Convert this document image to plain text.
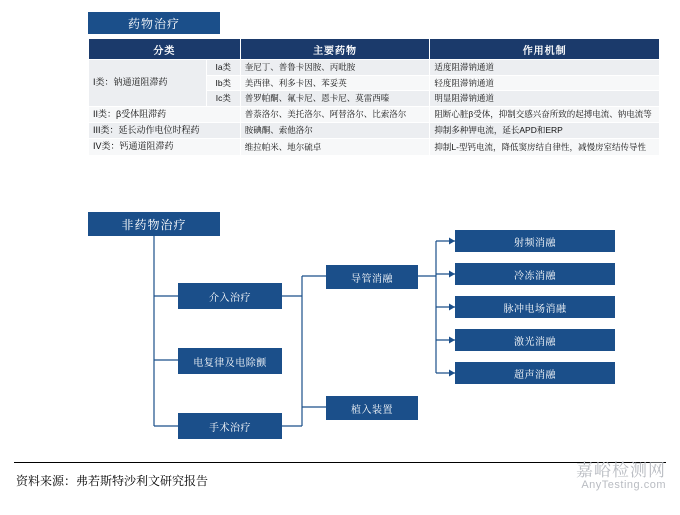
药物治疗
分类		主要药物	作用机制
I类：钠通道阻滞药	Ia类	奎尼丁、普鲁卡因胺、丙吡胺	适度阻滞钠通道
	Ib类	美西律、利多卡因、苯妥英	轻度阻滞钠通道
	Ic类	普罗帕酮、氟卡尼、恩卡尼、莫雷西嗪	明显阻滞钠通道
II类：β受体阻滞药		普萘洛尔、美托洛尔、阿替洛尔、比索洛尔	阻断心脏β受体，抑制交感兴奋所致的起搏电流、钠电流等
III类：延长动作电位时程药		胺碘酮、索他洛尔	抑制多种钾电流，延长APD和ERP
IV类：钙通道阻滞药		维拉帕米、地尔硫卓	抑制L-型钙电流，降低窦房结自律性，减慢房室结传导性
非药物治疗
介入治疗
电复律及电除颤
手术治疗
导管消融
植入装置
射频消融
冷冻消融
脉冲电场消融
激光消融
超声消融
资料来源：弗若斯特沙利文研究报告
嘉峪检测网
AnyTesting.com
